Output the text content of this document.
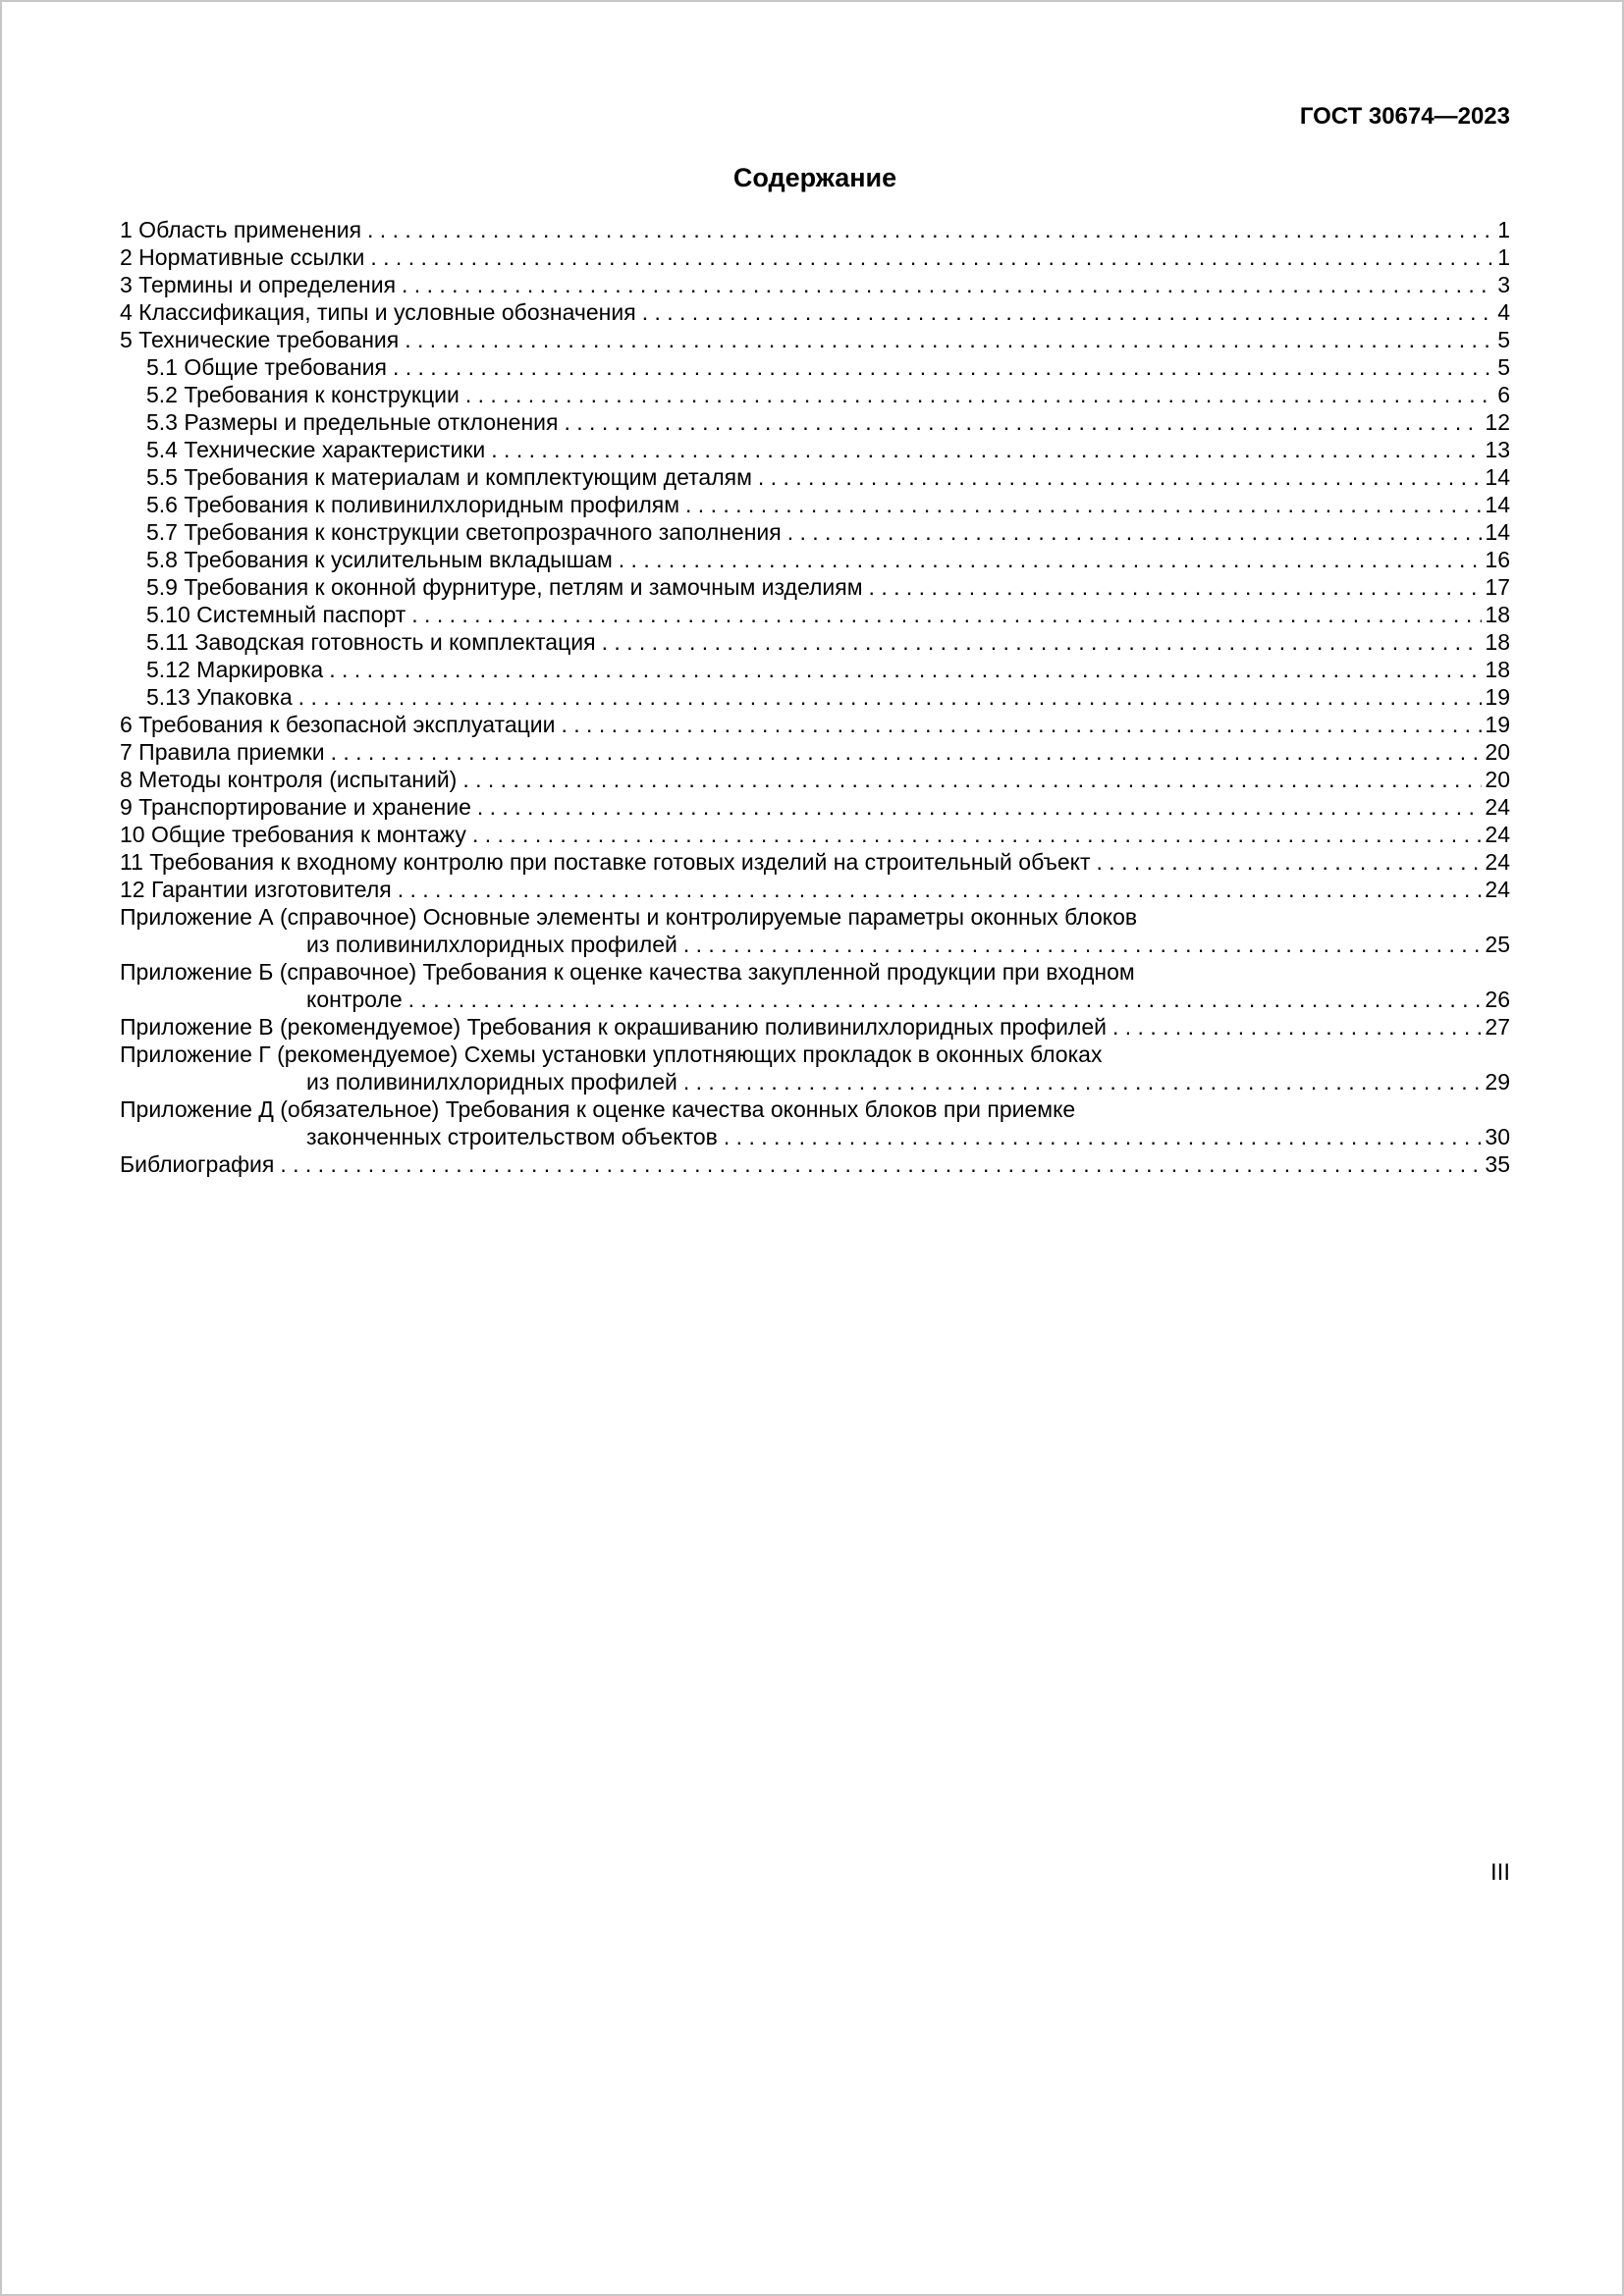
ГОСТ 30674—2023
Содержание
1 Область применения . . .	1
2 Нормативные ссылки . . .	1
3 Термины и определения . . .	3
4 Классификация, типы и условные обозначения . . .	4
5 Технические требования . . .	5
5.1 Общие требования . . .	5
5.2 Требования к конструкции . . .	6
5.3 Размеры и предельные отклонения . . .	12
5.4 Технические характеристики . . .	13
5.5 Требования к материалам и комплектующим деталям . . .	14
5.6 Требования к поливинилхлоридным профилям . . .	14
5.7 Требования к конструкции светопрозрачного заполнения . . .	14
5.8 Требования к усилительным вкладышам . . .	16
5.9 Требования к оконной фурнитуре, петлям и замочным изделиям . . .	17
5.10 Системный паспорт . . .	18
5.11 Заводская готовность и комплектация . . .	18
5.12 Маркировка . . .	18
5.13 Упаковка . . .	19
6 Требования к безопасной эксплуатации . . .	19
7 Правила приемки . . .	20
8 Методы контроля (испытаний) . . .	20
9 Транспортирование и хранение . . .	24
10 Общие требования к монтажу . . .	24
11 Требования к входному контролю при поставке готовых изделий на строительный объект . . .	24
12 Гарантии изготовителя . . .	24
Приложение А (справочное) Основные элементы и контролируемые параметры оконных блоков
из поливинилхлоридных профилей . . .	25
Приложение Б (справочное) Требования к оценке качества закупленной продукции при входном
контроле . . .	26
Приложение В (рекомендуемое) Требования к окрашиванию поливинилхлоридных профилей . . .	27
Приложение Г (рекомендуемое) Схемы установки уплотняющих прокладок в оконных блоках
из поливинилхлоридных профилей . . .	29
Приложение Д (обязательное) Требования к оценке качества оконных блоков при приемке
законченных строительством объектов . . .	30
Библиография . . .	35
III
